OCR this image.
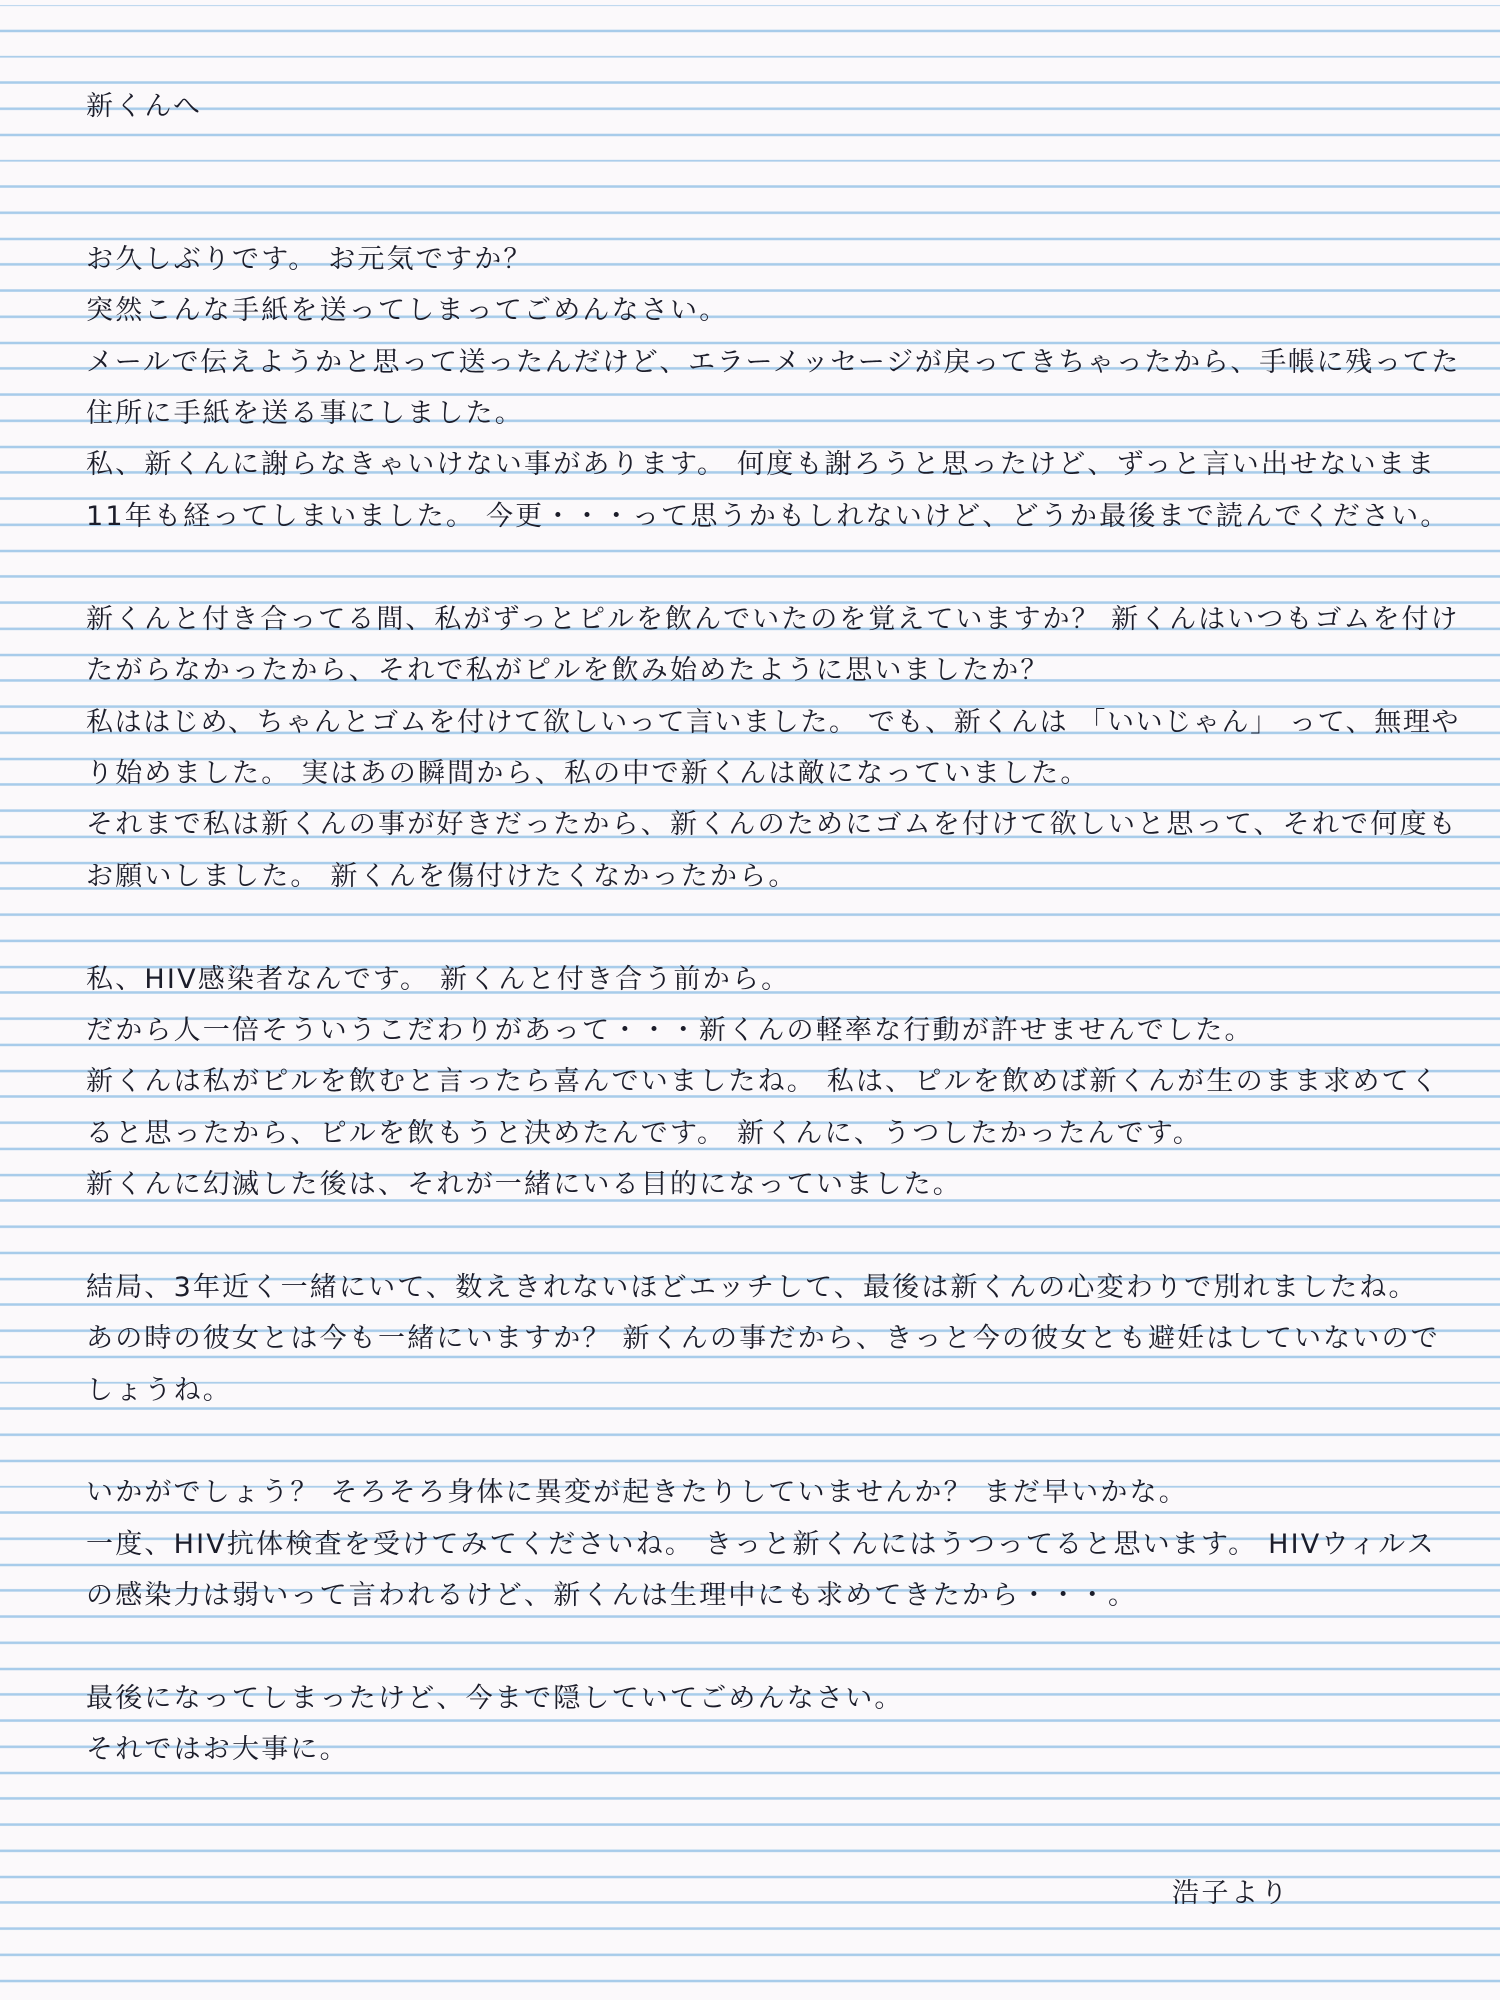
新くんへ
お久しぶりです。 お元気ですか？
突然こんな手紙を送ってしまってごめんなさい。
メールで伝えようかと思って送ったんだけど、エラーメッセージが戻ってきちゃったから、手帳に残ってた
住所に手紙を送る事にしました。
私、新くんに謝らなきゃいけない事があります。 何度も謝ろうと思ったけど、ずっと言い出せないまま
11年も経ってしまいました。 今更・・・って思うかもしれないけど、どうか最後まで読んでください。
新くんと付き合ってる間、私がずっとピルを飲んでいたのを覚えていますか？ 新くんはいつもゴムを付け
たがらなかったから、それで私がピルを飲み始めたように思いましたか？
私ははじめ、ちゃんとゴムを付けて欲しいって言いました。 でも、新くんは 「いいじゃん」 って、無理や
り始めました。 実はあの瞬間から、私の中で新くんは敵になっていました。
それまで私は新くんの事が好きだったから、新くんのためにゴムを付けて欲しいと思って、それで何度も
お願いしました。 新くんを傷付けたくなかったから。
私、HIV感染者なんです。 新くんと付き合う前から。
だから人一倍そういうこだわりがあって・・・新くんの軽率な行動が許せませんでした。
新くんは私がピルを飲むと言ったら喜んでいましたね。 私は、ピルを飲めば新くんが生のまま求めてく
ると思ったから、ピルを飲もうと決めたんです。 新くんに、うつしたかったんです。
新くんに幻滅した後は、それが一緒にいる目的になっていました。
結局、3年近く一緒にいて、数えきれないほどエッチして、最後は新くんの心変わりで別れましたね。
あの時の彼女とは今も一緒にいますか？ 新くんの事だから、きっと今の彼女とも避妊はしていないので
しょうね。
いかがでしょう？ そろそろ身体に異変が起きたりしていませんか？ まだ早いかな。
一度、HIV抗体検査を受けてみてくださいね。 きっと新くんにはうつってると思います。 HIVウィルス
の感染力は弱いって言われるけど、新くんは生理中にも求めてきたから・・・。
最後になってしまったけど、今まで隠していてごめんなさい。
それではお大事に。
浩子より
